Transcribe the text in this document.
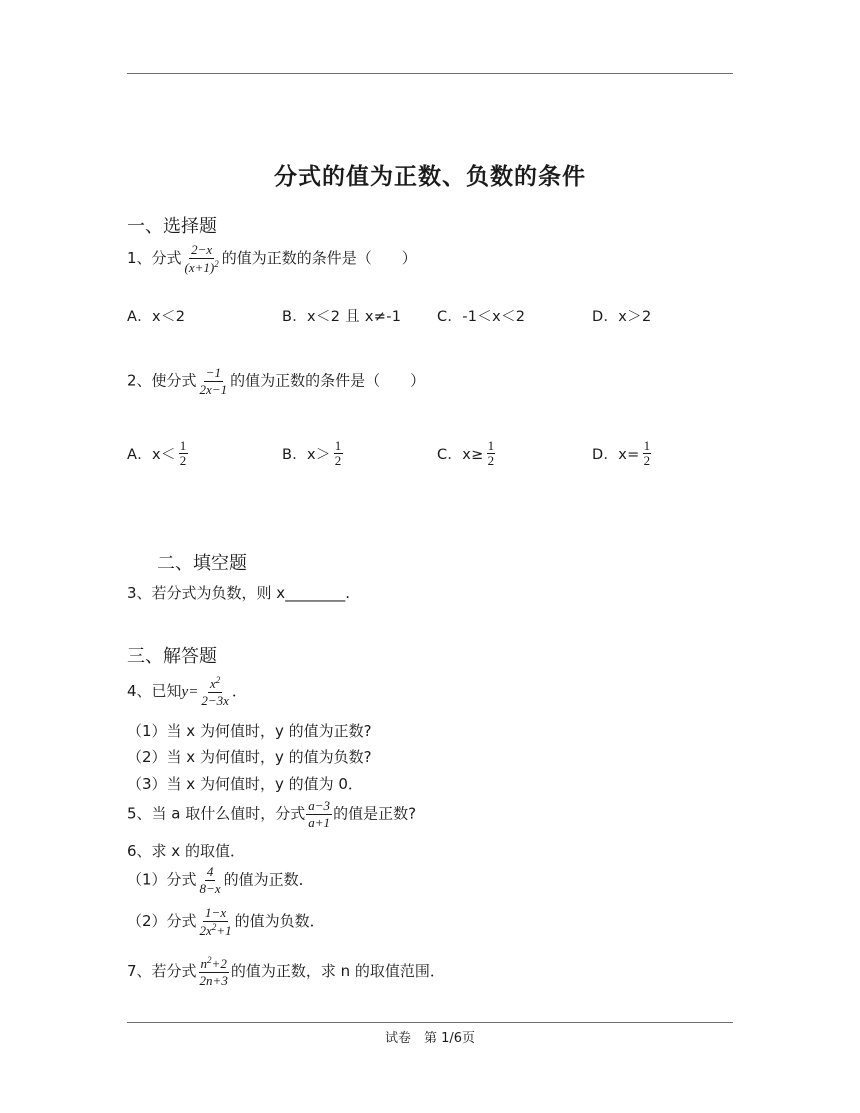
分式的值为正数、负数的条件
一、选择题
1、分式 $\frac{2-x}{(x+1)^2}$ 的值为正数的条件是（　　）
A．x＜2	B．x＜2 且 x≠-1 C．-1＜x＜2	D．x＞2
2、使分式 $\frac{-1}{2x-1}$ 的值为正数的条件是（　　）
A．$x< \frac{1}{2}$	B．$x> \frac{1}{2}$	C．$x\ge \frac{1}{2}$	D．$x= \frac{1}{2}$
二、填空题
3、若分式为负数，则 x________.
三、解答题
4、已知$y= \frac{x^2}{2-3x}$ ．
（1）当 x 为何值时，y 的值为正数?
（2）当 x 为何值时，y 的值为负数?
（3）当 x 为何值时，y 的值为 0．
5、当 a 取什么值时，分式 $\frac{a-3}{a+1}$ 的值是正数?
6、求 x 的取值．
（1）分式 $\frac{4}{8-x}$ 的值为正数．
（2）分式 $\frac{1-x}{2x^2+1}$ 的值为负数．
7、若分式 $\frac{n^2+2}{2n+3}$ 的值为正数，求 n 的取值范围．
试卷　第 1/6页
